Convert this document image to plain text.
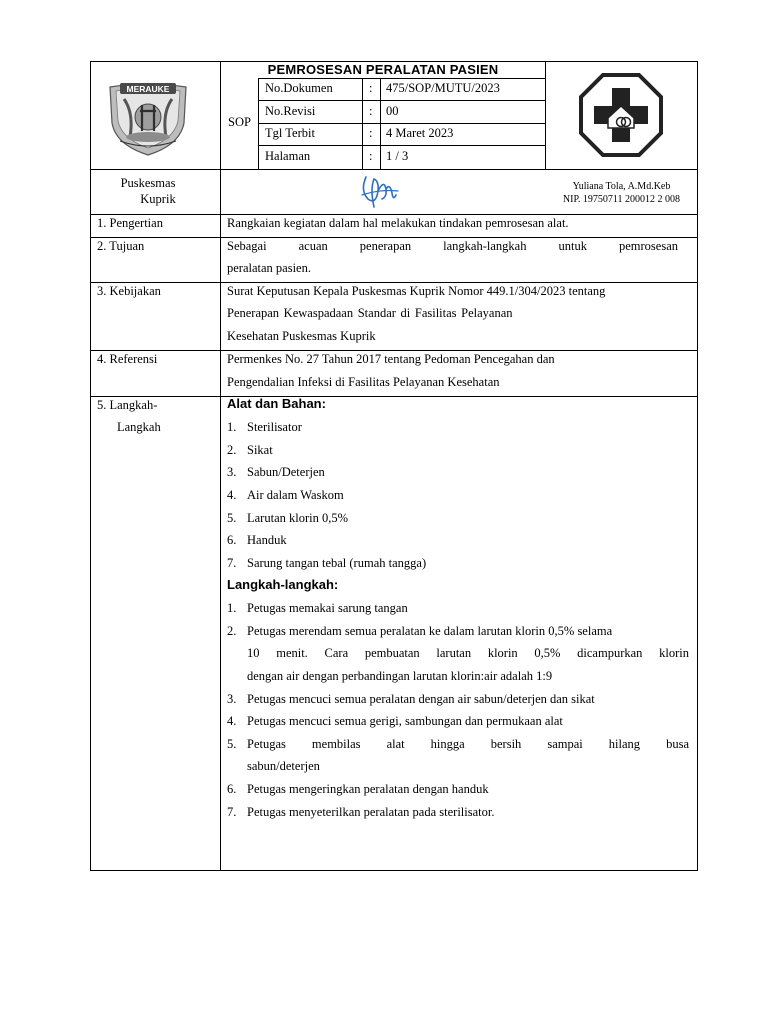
MERAUKE
PEMROSESAN PERALATAN PASIEN
SOP
No.Dokumen	: 475/SOP/MUTU/2023
No.Revisi	: 00
Tgl Terbit	: 4 Maret 2023
Halaman	: 1 / 3
Puskesmas
Kuprik
Yuliana Tola, A.Md.Keb
NIP. 19750711 200012 2 008
1. Pengertian	Rangkaian kegiatan dalam hal melakukan tindakan pemrosesan alat.
2. Tujuan	Sebagai acuan penerapan langkah-langkah untuk pemrosesan
peralatan pasien.
3. Kebijakan	Surat Keputusan Kepala Puskesmas Kuprik Nomor 449.1/304/2023 tentang
Penerapan Kewaspadaan Standar di Fasilitas Pelayanan
Kesehatan Puskesmas Kuprik
4. Referensi	Permenkes No. 27 Tahun 2017 tentang Pedoman Pencegahan dan
Pengendalian Infeksi di Fasilitas Pelayanan Kesehatan
5. Langkah-
Langkah
Alat dan Bahan:
1. Sterilisator
2. Sikat
3. Sabun/Deterjen
4. Air dalam Waskom
5. Larutan klorin 0,5%
6. Handuk
7. Sarung tangan tebal (rumah tangga)
Langkah-langkah:
1. Petugas memakai sarung tangan
2. Petugas merendam semua peralatan ke dalam larutan klorin 0,5% selama
10 menit. Cara pembuatan larutan klorin 0,5% dicampurkan klorin
dengan air dengan perbandingan larutan klorin:air adalah 1:9
3. Petugas mencuci semua peralatan dengan air sabun/deterjen dan sikat
4. Petugas mencuci semua gerigi, sambungan dan permukaan alat
5. Petugas membilas alat hingga bersih sampai hilang busa
sabun/deterjen
6. Petugas mengeringkan peralatan dengan handuk
7. Petugas menyeterilkan peralatan pada sterilisator.
